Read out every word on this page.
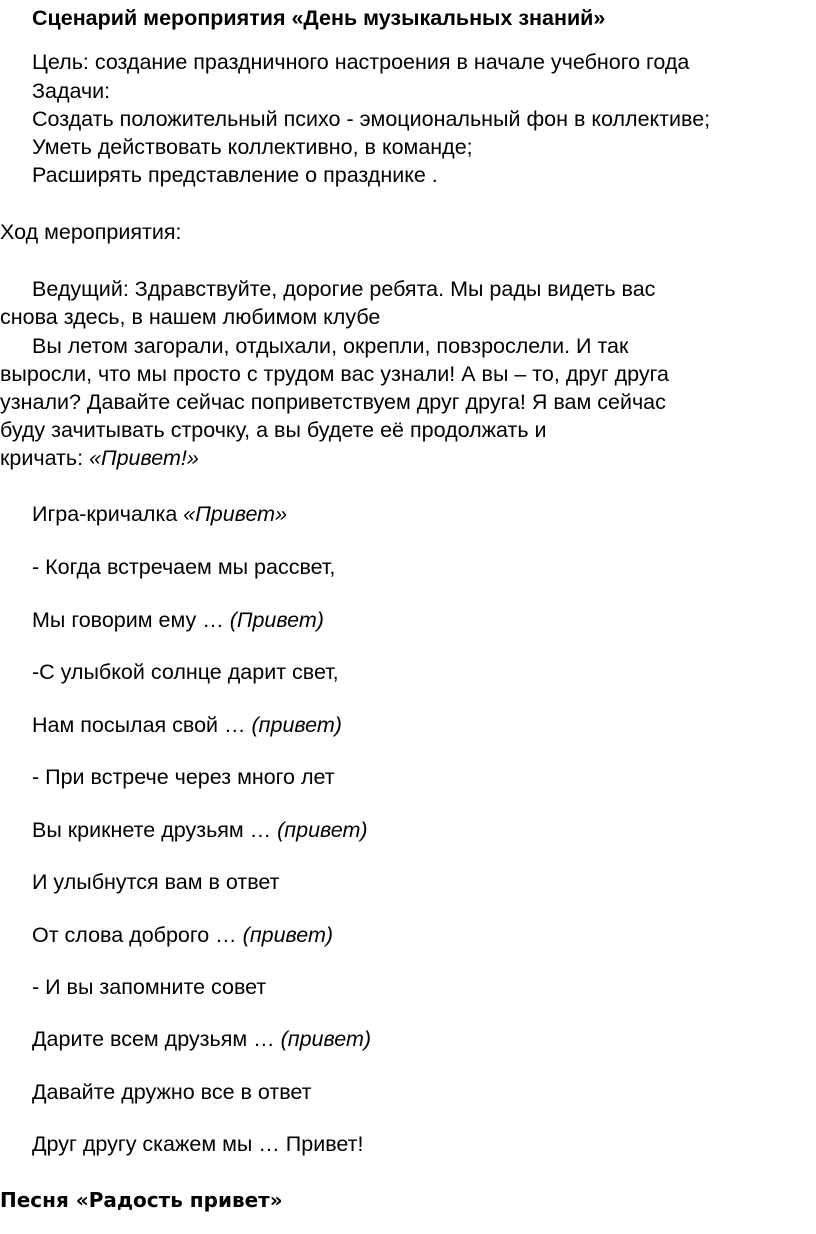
Сценарий мероприятия «День музыкальных знаний»
Цель: создание праздничного настроения в начале учебного года
Задачи:
Создать положительный психо - эмоциональный фон в коллективе;
Уметь действовать коллективно, в команде;
Расширять представление о празднике .
Ход мероприятия:
Ведущий: Здравствуйте, дорогие ребята. Мы рады видеть вас
снова здесь, в нашем любимом клубе
Вы летом загорали, отдыхали, окрепли, повзрослели. И так
выросли, что мы просто с трудом вас узнали! А вы – то, друг друга
узнали? Давайте сейчас поприветствуем друг друга! Я вам сейчас
буду зачитывать строчку, а вы будете её продолжать и
кричать: «Привет!»
Игра-кричалка «Привет»
- Когда встречаем мы рассвет,
Мы говорим ему … (Привет)
-С улыбкой солнце дарит свет,
Нам посылая свой … (привет)
- При встрече через много лет
Вы крикнете друзьям … (привет)
И улыбнутся вам в ответ
От слова доброго … (привет)
- И вы запомните совет
Дарите всем друзьям … (привет)
Давайте дружно все в ответ
Друг другу скажем мы … Привет!
Песня «Радость привет»
